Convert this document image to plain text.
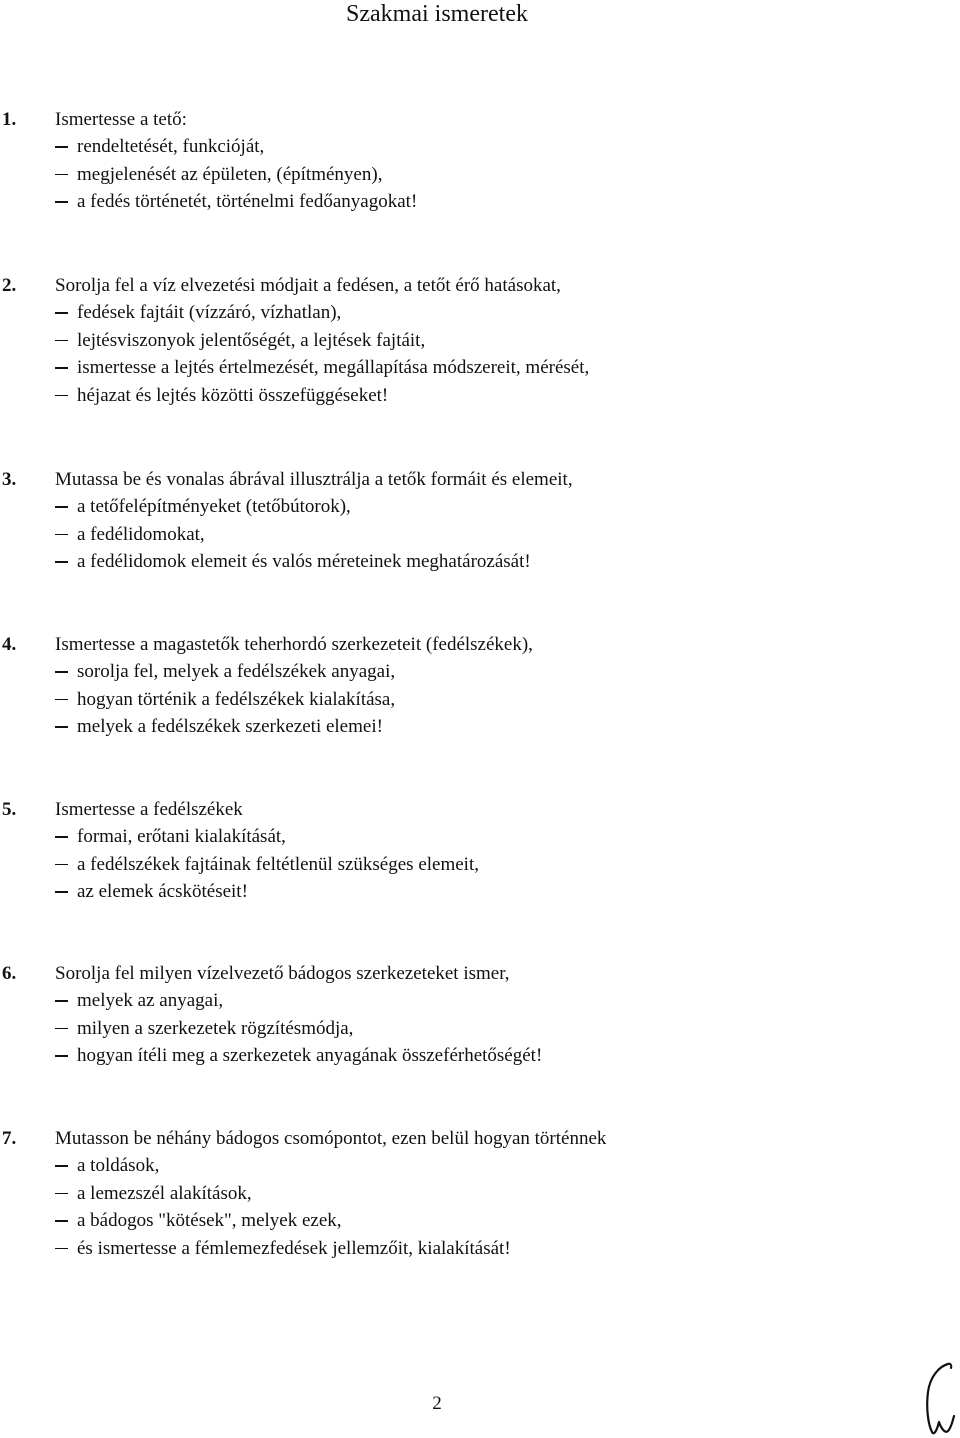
Szakmai ismeretek
1. Ismertesse a tető:
rendeltetését, funkcióját,
megjelenését az épületen, (építményen),
a fedés történetét, történelmi fedőanyagokat!
2. Sorolja fel a víz elvezetési módjait a fedésen, a tetőt érő hatásokat,
fedések fajtáit (vízzáró, vízhatlan),
lejtésviszonyok jelentőségét, a lejtések fajtáit,
ismertesse a lejtés értelmezését, megállapítása módszereit, mérését,
héjazat és lejtés közötti összefüggéseket!
3. Mutassa be és vonalas ábrával illusztrálja a tetők formáit és elemeit,
a tetőfelépítményeket (tetőbútorok),
a fedélidomokat,
a fedélidomok elemeit és valós méreteinek meghatározását!
4. Ismertesse a magastetők teherhordó szerkezeteit (fedélszékek),
sorolja fel, melyek a fedélszékek anyagai,
hogyan történik a fedélszékek kialakítása,
melyek a fedélszékek szerkezeti elemei!
5. Ismertesse a fedélszékek
formai, erőtani kialakítását,
a fedélszékek fajtáinak feltétlenül szükséges elemeit,
az elemek ácskötéseit!
6. Sorolja fel milyen vízelvezető bádogos szerkezeteket ismer,
melyek az anyagai,
milyen a szerkezetek rögzítésmódja,
hogyan ítéli meg a szerkezetek anyagának összeférhetőségét!
7. Mutasson be néhány bádogos csomópontot, ezen belül hogyan történnek
a toldások,
a lemezszél alakítások,
a bádogos "kötések", melyek ezek,
és ismertesse a fémlemezfedések jellemzőit, kialakítását!
2
